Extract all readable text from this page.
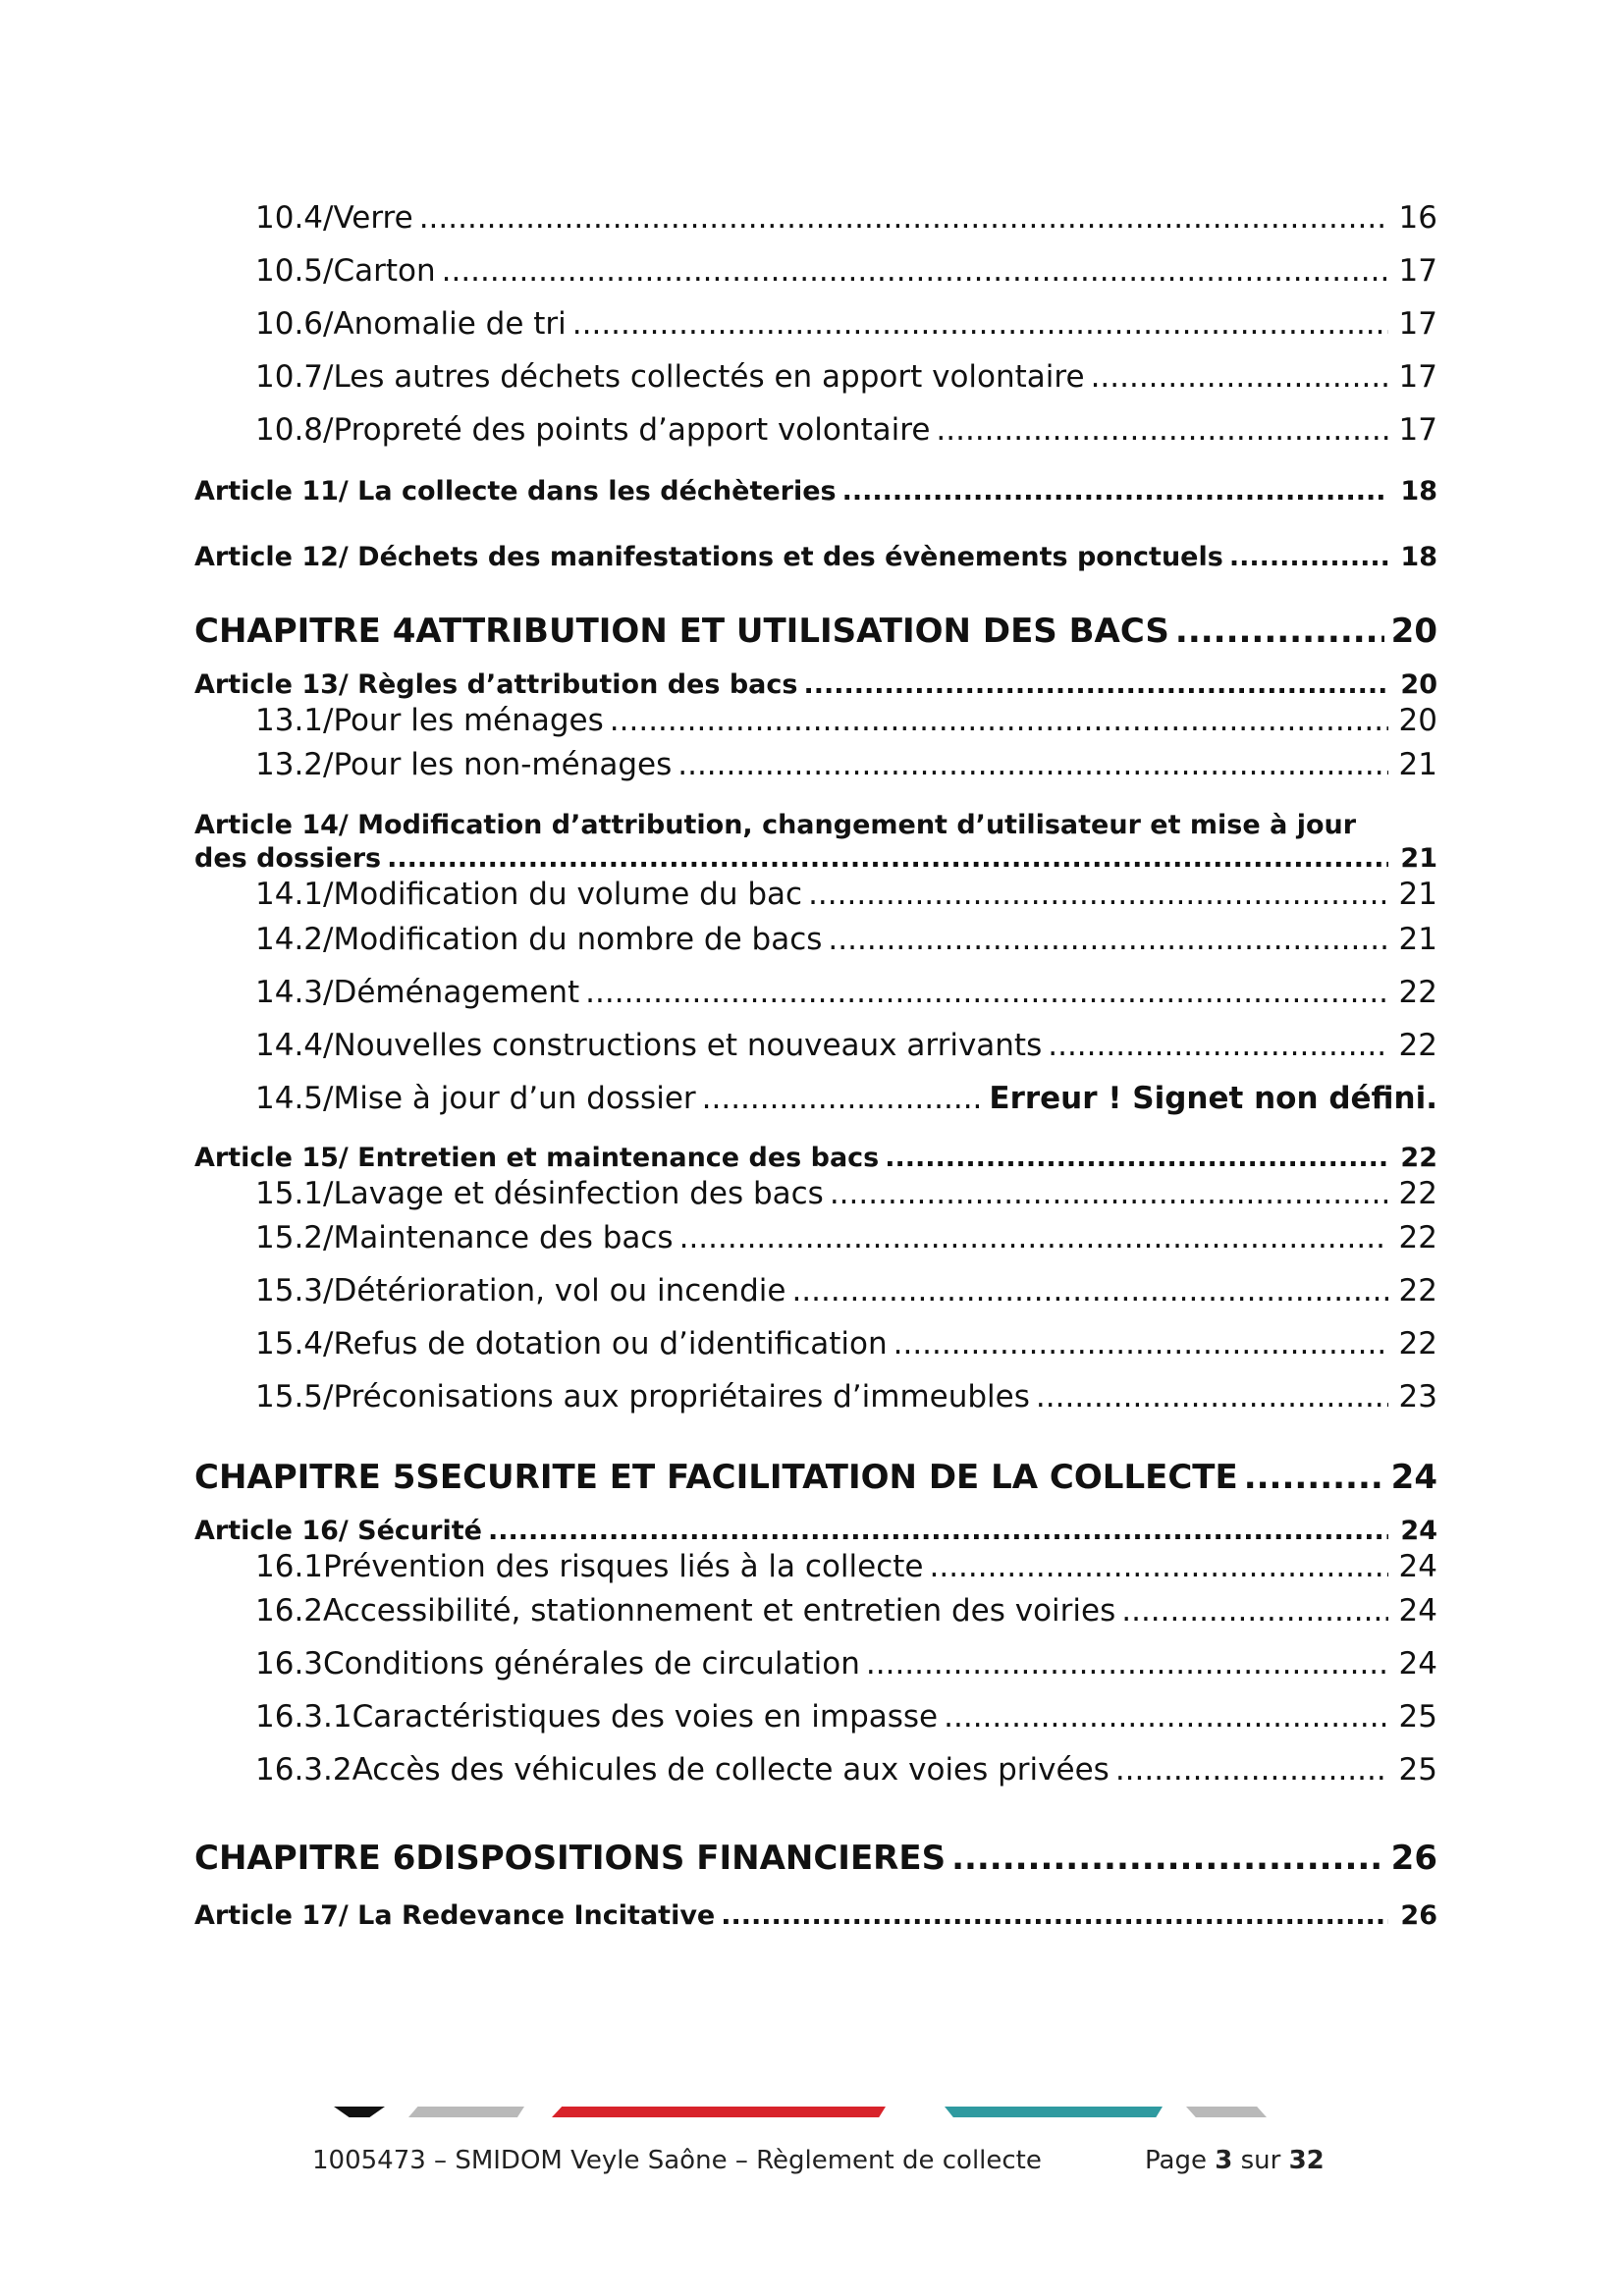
10.4/ Verre .....	16
10.5/ Carton .....	17
10.6/ Anomalie de tri .....	17
10.7/ Les autres déchets collectés en apport volontaire .....	17
10.8/ Propreté des points d’apport volontaire .....	17
Article 11/ La collecte dans les déchèteries .....	18
Article 12/ Déchets des manifestations et des évènements ponctuels .....	18
CHAPITRE 4 ATTRIBUTION ET UTILISATION DES BACS .....	20
Article 13/ Règles d’attribution des bacs .....	20
13.1/ Pour les ménages .....	20
13.2/ Pour les non-ménages .....	21
Article 14/ Modification d’attribution, changement d’utilisateur et mise à jour
des dossiers .....	21
14.1/ Modification du volume du bac .....	21
14.2/ Modification du nombre de bacs .....	21
14.3/ Déménagement .....	22
14.4/ Nouvelles constructions et nouveaux arrivants .....	22
14.5/ Mise à jour d’un dossier .....	Erreur ! Signet non défini.
Article 15/ Entretien et maintenance des bacs .....	22
15.1/ Lavage et désinfection des bacs .....	22
15.2/ Maintenance des bacs .....	22
15.3/ Détérioration, vol ou incendie .....	22
15.4/ Refus de dotation ou d’identification .....	22
15.5/ Préconisations aux propriétaires d’immeubles .....	23
CHAPITRE 5 SECURITE ET FACILITATION DE LA COLLECTE .....	24
Article 16/ Sécurité .....	24
16.1 Prévention des risques liés à la collecte .....	24
16.2 Accessibilité, stationnement et entretien des voiries .....	24
16.3 Conditions générales de circulation .....	24
16.3.1 Caractéristiques des voies en impasse .....	25
16.3.2 Accès des véhicules de collecte aux voies privées .....	25
CHAPITRE 6 DISPOSITIONS FINANCIERES .....	26
Article 17/ La Redevance Incitative .....	26
1005473 – SMIDOM Veyle Saône – Règlement de collecte	Page 3 sur 32
